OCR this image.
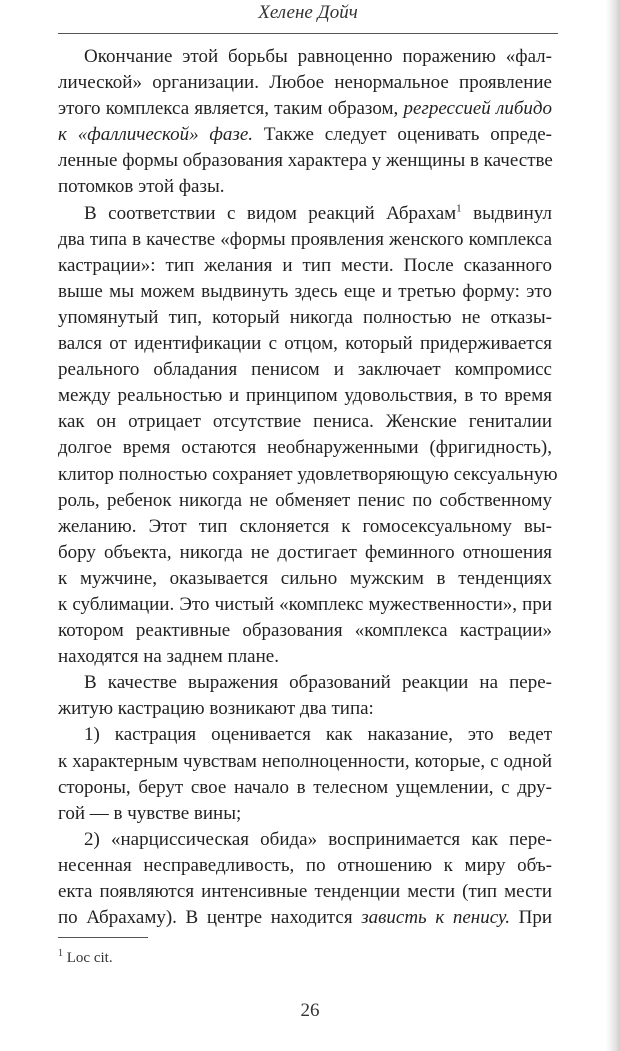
Хелене Дойч

Окончание этой борьбы равноценно поражению «фал-
лической» организации. Любое ненормальное проявление
этого комплекса является, таким образом, регрессией либидо
к «фаллической» фазе. Также следует оценивать опреде-
ленные формы образования характера у женщины в качестве
потомков этой фазы.

В соответствии с видом реакций Абрахам$^1$ выдвинул
два типа в качестве «формы проявления женского комплекса
кастрации»: тип желания и тип мести. После сказанного
выше мы можем выдвинуть здесь еще и третью форму: это
упомянутый тип, который никогда полностью не отказы-
вался от идентификации с отцом, который придерживается
реального обладания пенисом и заключает компромисс
между реальностью и принципом удовольствия, в то время
как он отрицает отсутствие пениса. Женские гениталии
долгое время остаются необнаруженными (фригидность),
клитор полностью сохраняет удовлетворяющую сексуальную
роль, ребенок никогда не обменяет пенис по собственному
желанию. Этот тип склоняется к гомосексуальному вы-
бору объекта, никогда не достигает феминного отношения
к мужчине, оказывается сильно мужским в тенденциях
к сублимации. Это чистый «комплекс мужественности», при
котором реактивные образования «комплекса кастрации»
находятся на заднем плане.

В качестве выражения образований реакции на пере-
житую кастрацию возникают два типа:

1) кастрация оценивается как наказание, это ведет
к характерным чувствам неполноценности, которые, с одной
стороны, берут свое начало в телесном ущемлении, с дру-
гой — в чувстве вины;

2) «нарциссическая обида» воспринимается как пере-
несенная несправедливость, по отношению к миру объ-
екта появляются интенсивные тенденции мести (тип мести
по Абрахаму). В центре находится зависть к пенису. При

$^1$ Loc cit.
26
